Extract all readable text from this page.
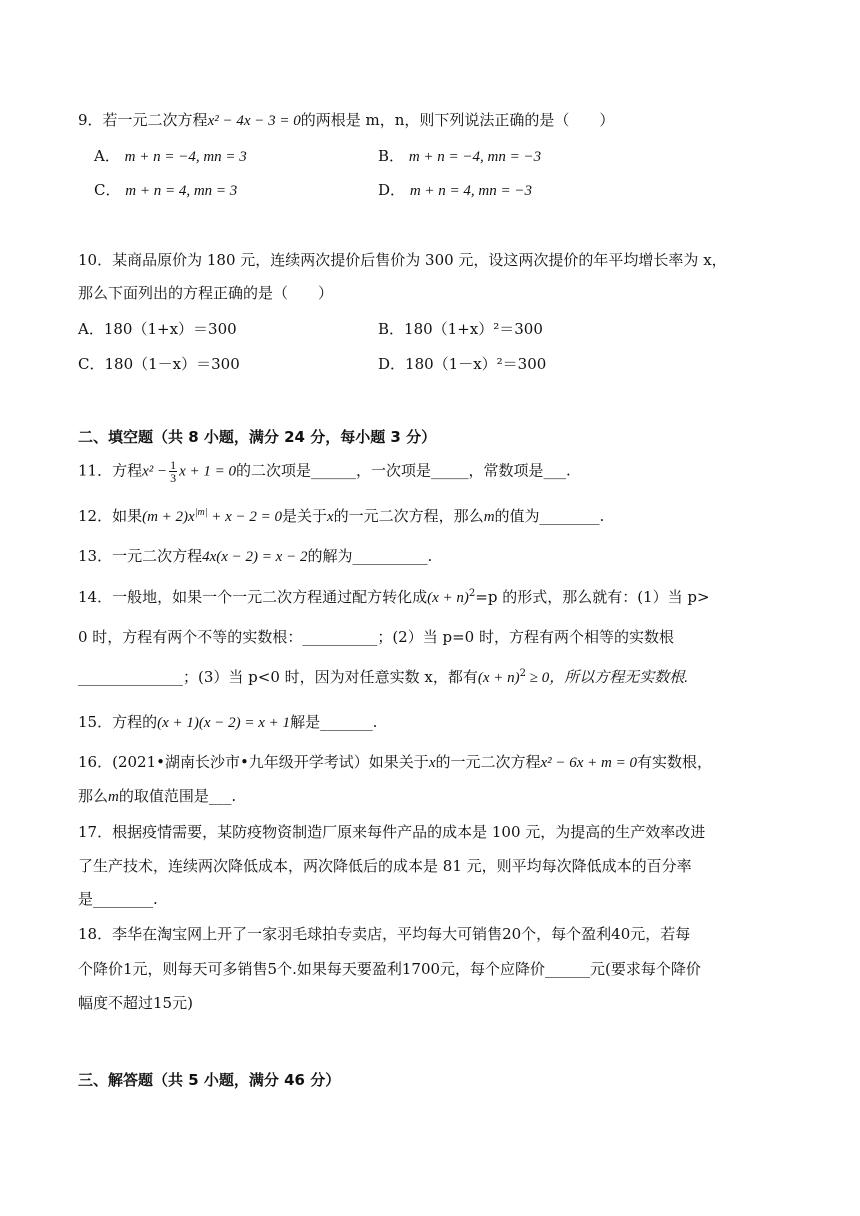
9．若一元二次方程x² − 4x − 3 = 0的两根是 m，n，则下列说法正确的是（　　）
A． m + n = −4, mn = 3	B． m + n = −4, mn = −3
C． m + n = 4, mn = 3	D． m + n = 4, mn = −3
10．某商品原价为 180 元，连续两次提价后售价为 300 元，设这两次提价的年平均增长率为 x，
那么下面列出的方程正确的是（　　）
A．180（1+x）＝300	B．180（1+x）²＝300
C．180（1－x）＝300	D．180（1－x）²＝300
二、填空题（共 8 小题，满分 24 分，每小题 3 分）
11．方程$x^2 - \frac{1}{3}$ x + 1 = 0的二次项是______，一次项是_____，常数项是___.
12．如果$(m + 2)x^{|m|} + x - 2 = 0$是关于x的一元二次方程，那么m的值为________.
13．一元二次方程4x(x − 2) = x − 2的解为__________.
14．一般地，如果一个一元二次方程通过配方转化成$(x + n)^2=p$ 的形式，那么就有：(1）当 p>
0 时，方程有两个不等的实数根：__________；(2）当 p=0 时，方程有两个相等的实数根
______________；(3）当 p<0 时，因为对任意实数 x，都有$(x + n)^2 \ge 0$，所以方程无实数根.
15．方程的(x + 1)(x − 2) = x + 1解是_______.
16．(2021•湖南长沙市•九年级开学考试）如果关于x的一元二次方程x² − 6x + m = 0有实数根，
那么m的取值范围是___.
17．根据疫情需要，某防疫物资制造厂原来每件产品的成本是 100 元，为提高的生产效率改进
了生产技术，连续两次降低成本，两次降低后的成本是 81 元，则平均每次降低成本的百分率
是________.
18．李华在淘宝网上开了一家羽毛球拍专卖店，平均每大可销售20个，每个盈利40元，若每
个降价1元，则每天可多销售5个.如果每天要盈利1700元，每个应降价______元(要求每个降价
幅度不超过15元)
三、解答题（共 5 小题，满分 46 分）
